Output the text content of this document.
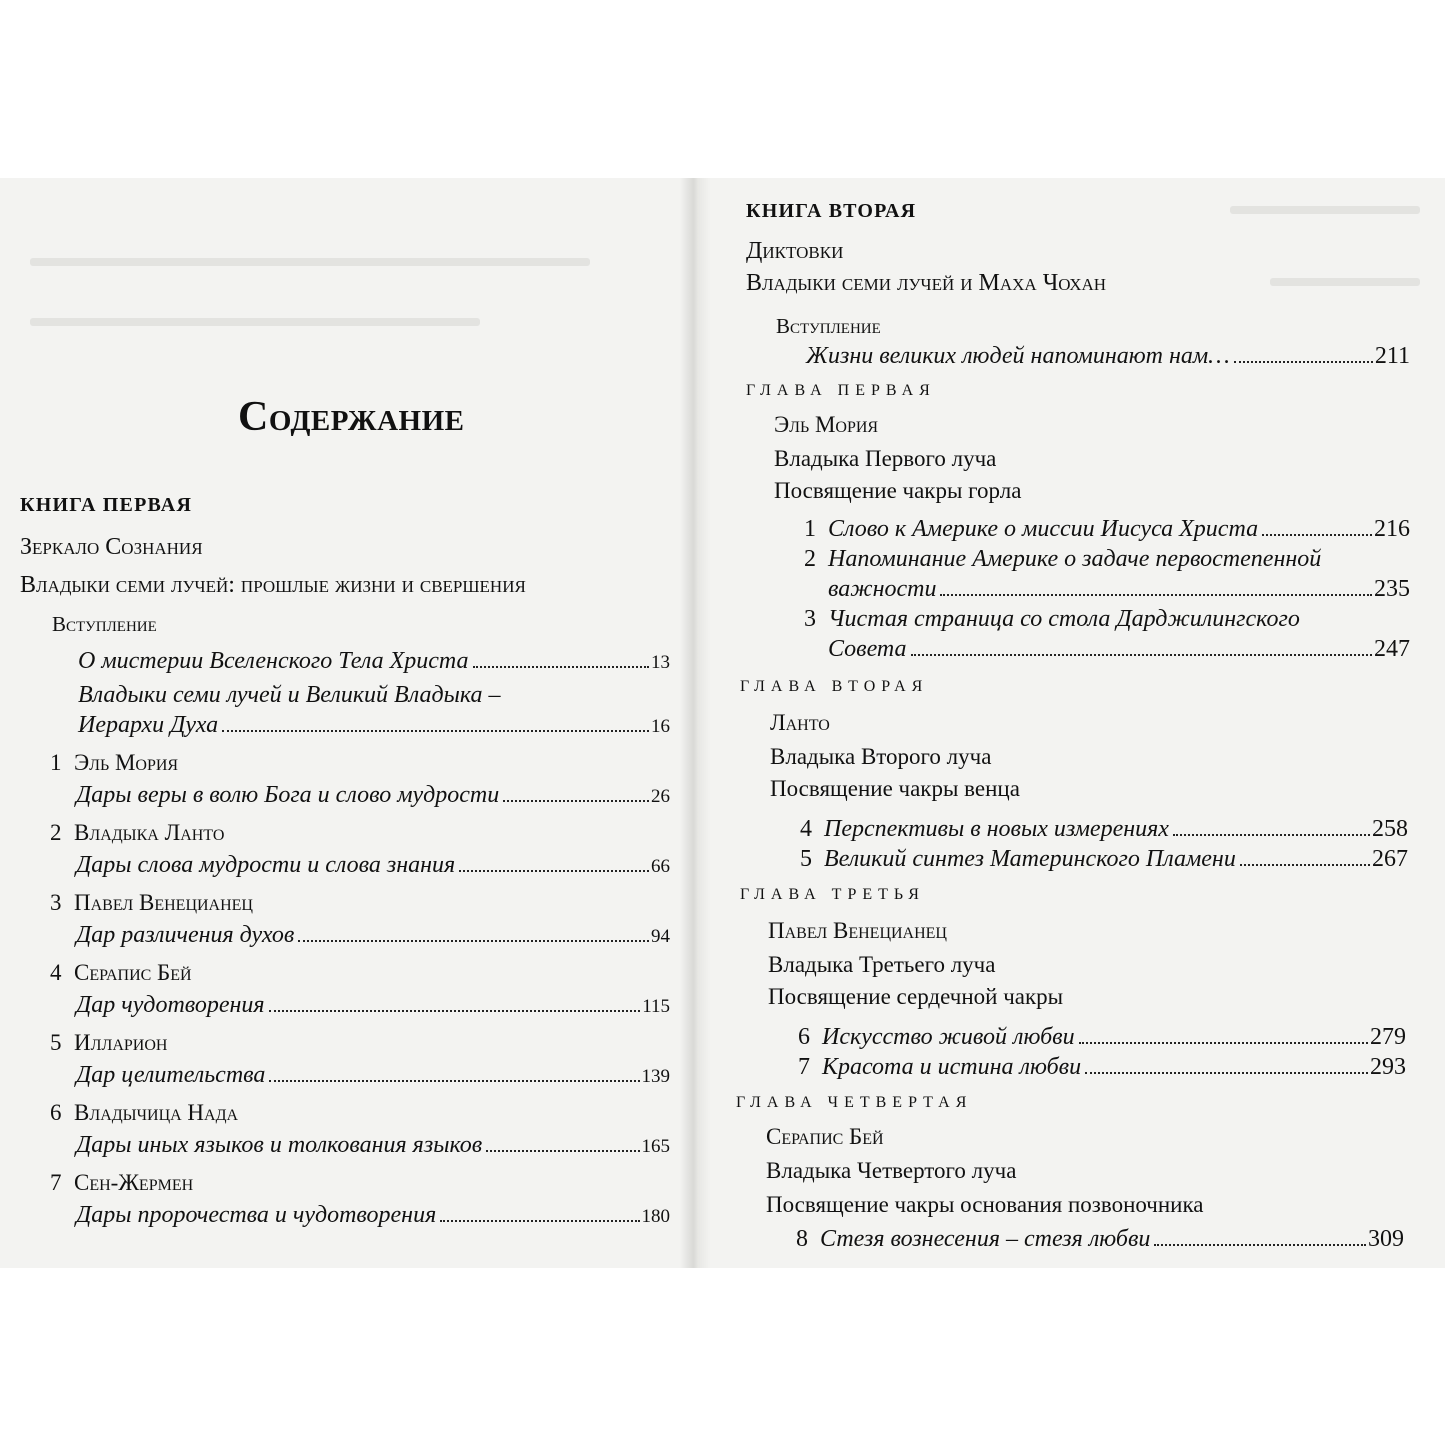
Содержание
КНИГА ПЕРВАЯ
Зеркало Сознания
Владыки семи лучей: прошлые жизни и свершения
Вступление
О мистерии Вселенского Тела Христа	13
Владыки семи лучей и Великий Владыка –
Иерархи Духа	16
1 Эль Мория
Дары веры в волю Бога и слово мудрости	26
2 Владыка Ланто
Дары слова мудрости и слова знания	66
3 Павел Венецианец
Дар различения духов	94
4 Серапис Бей
Дар чудотворения	115
5 Илларион
Дар целительства	139
6 Владычица Нада
Дары иных языков и толкования языков	165
7 Сен-Жермен
Дары пророчества и чудотворения	180
КНИГА ВТОРАЯ
Диктовки
Владыки семи лучей и Маха Чохан
Вступление
Жизни великих людей напоминают нам…	211
ГЛАВА ПЕРВАЯ
Эль Мория
Владыка Первого луча
Посвящение чакры горла
1 Слово к Америке о миссии Иисуса Христа	216
2 Напоминание Америке о задаче первостепенной
важности	235
3 Чистая страница со стола Дарджилингского
Совета	247
ГЛАВА ВТОРАЯ
Ланто
Владыка Второго луча
Посвящение чакры венца
4 Перспективы в новых измерениях	258
5 Великий синтез Материнского Пламени	267
ГЛАВА ТРЕТЬЯ
Павел Венецианец
Владыка Третьего луча
Посвящение сердечной чакры
6 Искусство живой любви	279
7 Красота и истина любви	293
ГЛАВА ЧЕТВЕРТАЯ
Серапис Бей
Владыка Четвертого луча
Посвящение чакры основания позвоночника
8 Стезя вознесения – стезя любви	309
